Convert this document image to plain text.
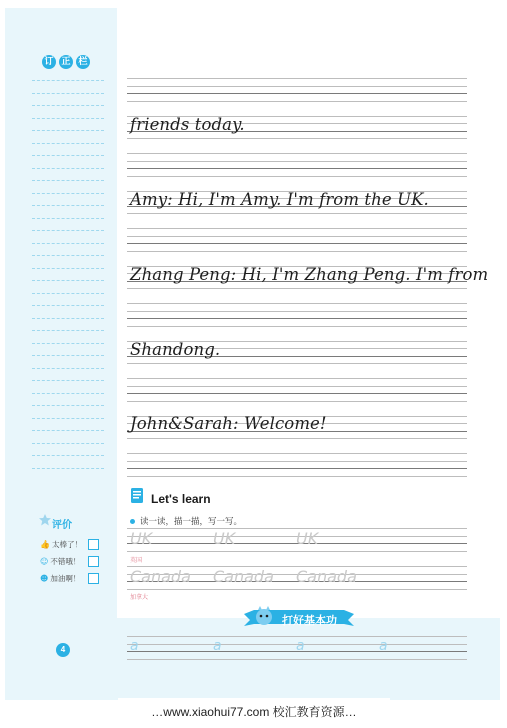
订 正 栏
friends today.
Amy: Hi, I'm Amy. I'm from the UK.
Zhang Peng: Hi, I'm Zhang Peng. I'm from
Shandong.
John&Sarah: Welcome!
Let's learn
读一读，描一描，写一写。
UK	UK	UK
英国
Canada Canada Canada
加拿大
评价
👍 太棒了！
☺ 不错哦！
☻ 加油啊！
打好基本功
a	a	a	a
4
…www.xiaohui77.com 校汇教育资源…
